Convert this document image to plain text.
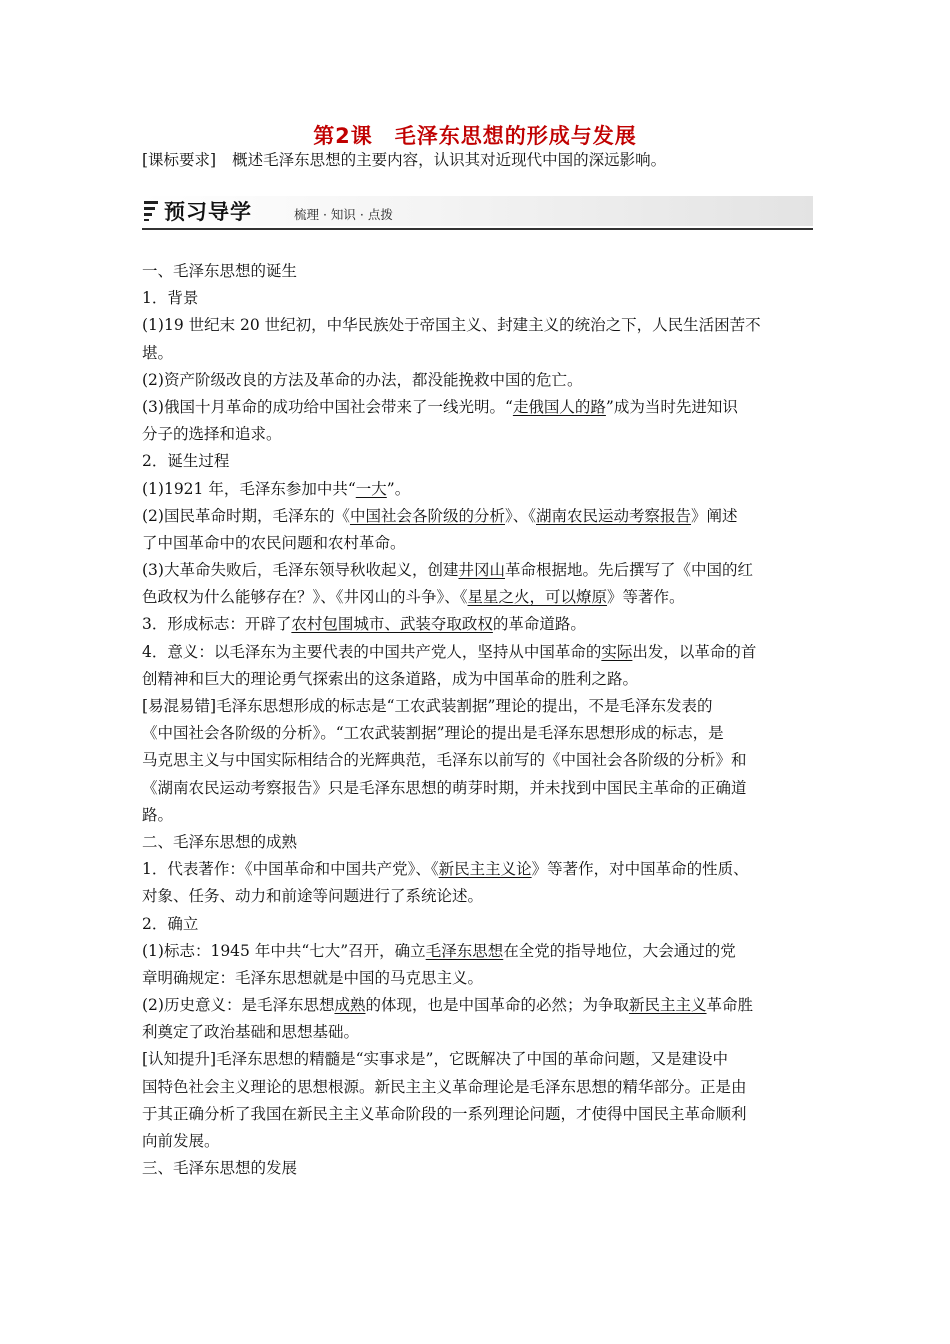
第2课　毛泽东思想的形成与发展
[课标要求] 概述毛泽东思想的主要内容，认识其对近现代中国的深远影响。
预习导学	梳理 · 知识 · 点拨
一、毛泽东思想的诞生
1．背景
(1)19 世纪末 20 世纪初，中华民族处于帝国主义、封建主义的统治之下，人民生活困苦不
堪。
(2)资产阶级改良的方法及革命的办法，都没能挽救中国的危亡。
(3)俄国十月革命的成功给中国社会带来了一线光明。“走俄国人的路”成为当时先进知识
分子的选择和追求。
2．诞生过程
(1)1921 年，毛泽东参加中共“一大”。
(2)国民革命时期，毛泽东的《中国社会各阶级的分析》、《湖南农民运动考察报告》阐述
了中国革命中的农民问题和农村革命。
(3)大革命失败后，毛泽东领导秋收起义，创建井冈山革命根据地。先后撰写了《中国的红
色政权为什么能够存在？》、《井冈山的斗争》、《星星之火，可以燎原》等著作。
3．形成标志：开辟了农村包围城市、武装夺取政权的革命道路。
4．意义：以毛泽东为主要代表的中国共产党人，坚持从中国革命的实际出发，以革命的首
创精神和巨大的理论勇气探索出的这条道路，成为中国革命的胜利之路。
[易混易错]毛泽东思想形成的标志是“工农武装割据”理论的提出，不是毛泽东发表的
《中国社会各阶级的分析》。“工农武装割据”理论的提出是毛泽东思想形成的标志，是
马克思主义与中国实际相结合的光辉典范，毛泽东以前写的《中国社会各阶级的分析》和
《湖南农民运动考察报告》只是毛泽东思想的萌芽时期，并未找到中国民主革命的正确道
路。
二、毛泽东思想的成熟
1．代表著作：《中国革命和中国共产党》、《新民主主义论》等著作，对中国革命的性质、
对象、任务、动力和前途等问题进行了系统论述。
2．确立
(1)标志：1945 年中共“七大”召开，确立毛泽东思想在全党的指导地位，大会通过的党
章明确规定：毛泽东思想就是中国的马克思主义。
(2)历史意义：是毛泽东思想成熟的体现，也是中国革命的必然；为争取新民主主义革命胜
利奠定了政治基础和思想基础。
[认知提升]毛泽东思想的精髓是“实事求是”，它既解决了中国的革命问题，又是建设中
国特色社会主义理论的思想根源。新民主主义革命理论是毛泽东思想的精华部分。正是由
于其正确分析了我国在新民主主义革命阶段的一系列理论问题，才使得中国民主革命顺利
向前发展。
三、毛泽东思想的发展
